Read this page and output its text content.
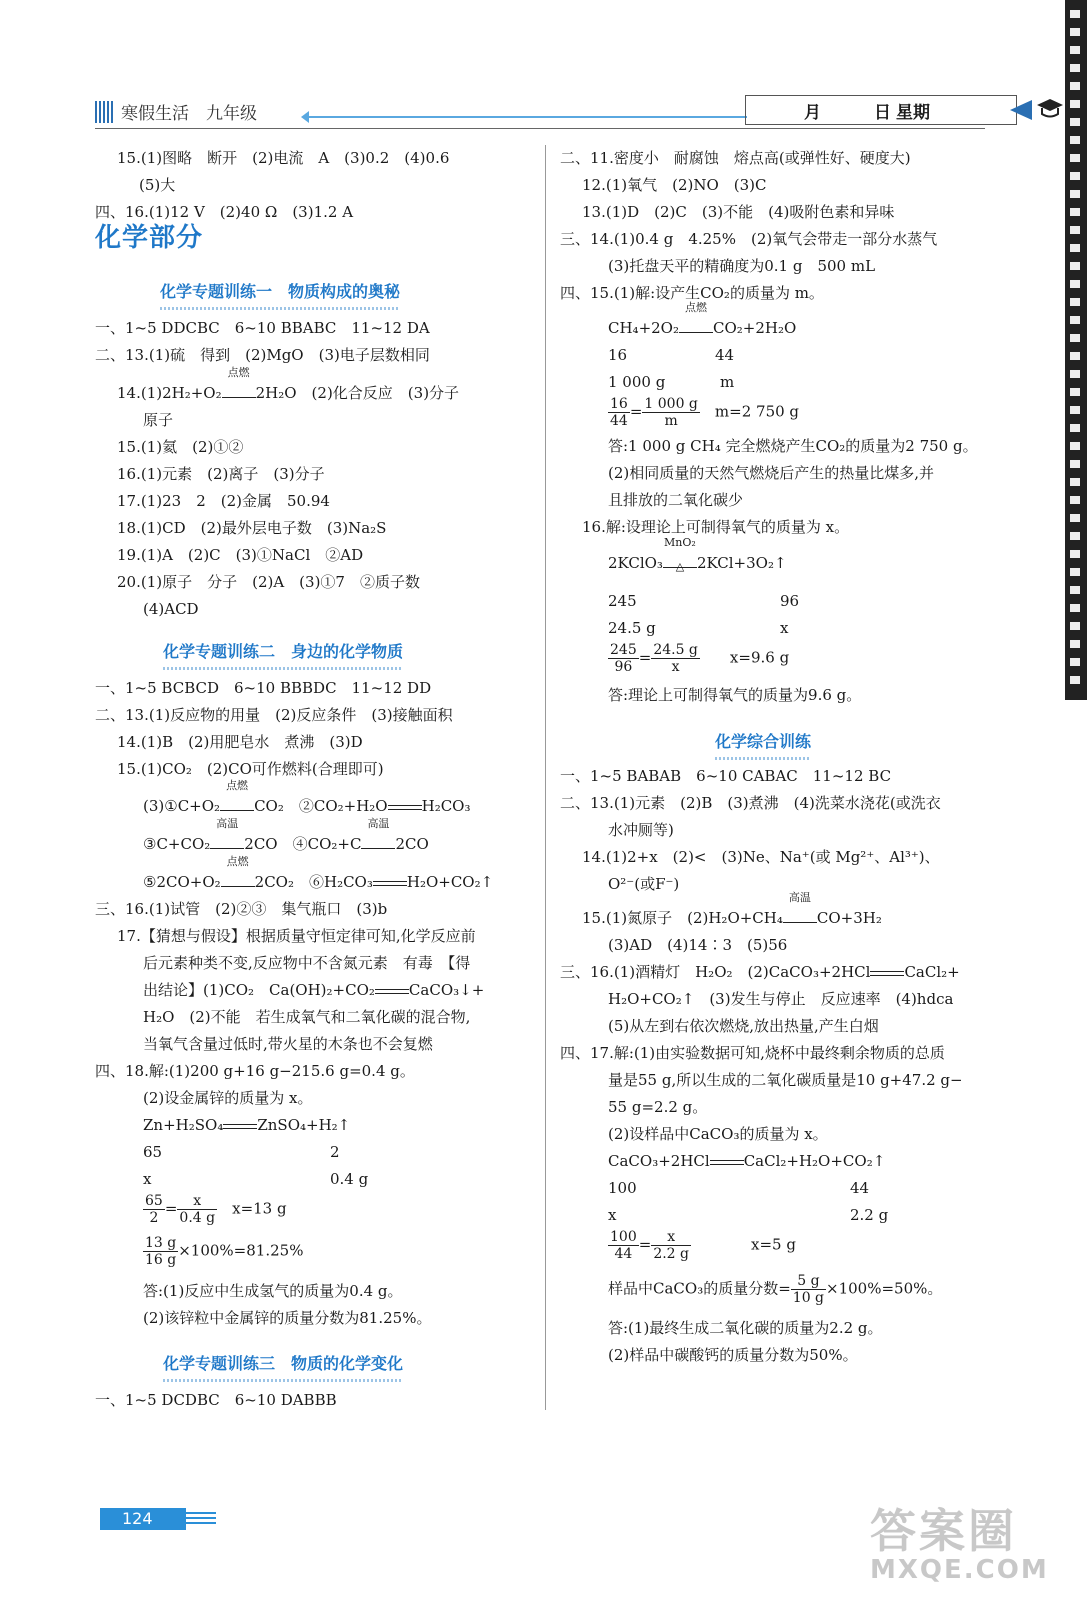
寒假生活　九年级	月	日 星期
15.(1)图略　断开　(2)电流　A　(3)0.2　(4)0.6
(5)大
四、16.(1)12 V　(2)40 Ω　(3)1.2 A
化学部分
化学专题训练一　物质构成的奥秘
一、1~5 DDCBC　6~10 BBABC　11~12 DA
二、13.(1)硫　得到　(2)MgO　(3)电子层数相同
14.(1)2H₂+O₂
点燃
2H₂O　(2)化合反应　(3)分子
原子
15.(1)氦　(2)①②
16.(1)元素　(2)离子　(3)分子
17.(1)23　2　(2)金属　50.94
18.(1)CD　(2)最外层电子数　(3)Na₂S
19.(1)A　(2)C　(3)①NaCl　②AD
20.(1)原子　分子　(2)A　(3)①7　②质子数
(4)ACD
化学专题训练二　身边的化学物质
一、1~5 BCBCD　6~10 BBBDC　11~12 DD
二、13.(1)反应物的用量　(2)反应条件　(3)接触面积
14.(1)B　(2)用肥皂水　煮沸　(3)D
15.(1)CO₂　(2)CO可作燃料(合理即可)
(3)①C+O₂
点燃
CO₂　②CO₂+H₂O H₂CO₃
③C+CO₂
高温
2CO　④CO₂+C
高温
2CO
⑤2CO+O₂
点燃
2CO₂　⑥H₂CO₃ H₂O+CO₂↑
三、16.(1)试管　(2)②③　集气瓶口　(3)b
17.【猜想与假设】根据质量守恒定律可知,化学反应前
后元素种类不变,反应物中不含氮元素　有毒　【得
出结论】(1)CO₂　Ca(OH)₂+CO₂ CaCO₃↓+
H₂O　(2)不能　若生成氧气和二氧化碳的混合物,
当氧气含量过低时,带火星的木条也不会复燃
四、18.解:(1)200 g+16 g−215.6 g=0.4 g。
(2)设金属锌的质量为 x。
Zn+H₂SO₄ ZnSO₄+H₂↑
65	2
x	0.4 g
$\frac{65}{2} = \frac{x}{0.4 g}$
　 x=13 g
$\frac{13 g}{16 g} \times 100\%=81.25\%$
答:(1)反应中生成氢气的质量为0.4 g。
(2)该锌粒中金属锌的质量分数为81.25%。
化学专题训练三　物质的化学变化
一、1~5 DCDBC　6~10 DABBB
二、11.密度小　耐腐蚀　熔点高(或弹性好、硬度大)
12.(1)氧气　(2)NO　(3)C
13.(1)D　(2)C　(3)不能　(4)吸附色素和异味
三、14.(1)0.4 g　4.25%　(2)氧气会带走一部分水蒸气
(3)托盘天平的精确度为0.1 g　500 mL
四、15.(1)解:设产生CO₂的质量为 m。
CH₄+2O₂
点燃
CO₂+2H₂O
16	44
1 000 g	m
$\frac{16}{44} = \frac{1 000 g}{m}$
　 m=2 750 g
答:1 000 g CH₄ 完全燃烧产生CO₂的质量为2 750 g。
(2)相同质量的天然气燃烧后产生的热量比煤多,并
且排放的二氧化碳少
16.解:设理论上可制得氧气的质量为 x。
2KClO₃
MnO₂
△ 2KCl+3O₂↑
245	96
24.5 g	x
$\frac{245}{96} = \frac{24.5 g}{x}$
　　 x=9.6 g
答:理论上可制得氧气的质量为9.6 g。
化学综合训练
一、1~5 BABAB　6~10 CABAC　11~12 BC
二、13.(1)元素　(2)B　(3)煮沸　(4)洗菜水浇花(或洗衣
水冲厕等)
14.(1)2+x　(2)<　(3)Ne、Na⁺(或 Mg²⁺、Al³⁺)、
O²⁻(或F⁻)
15.(1)氮原子　(2)H₂O+CH₄
高温
CO+3H₂
(3)AD　(4)14∶3　(5)56
三、16.(1)酒精灯　H₂O₂　(2)CaCO₃+2HCl CaCl₂+
H₂O+CO₂↑　(3)发生与停止　反应速率　(4)hdca
(5)从左到右依次燃烧,放出热量,产生白烟
四、17.解:(1)由实验数据可知,烧杯中最终剩余物质的总质
量是55 g,所以生成的二氧化碳质量是10 g+47.2 g−
55 g=2.2 g。
(2)设样品中CaCO₃的质量为 x。
CaCO₃+2HCl CaCl₂+H₂O+CO₂↑
100	44
x	2.2 g
$\frac{100}{44} = \frac{x}{2.2 g}$
　　　　	x=5 g
样品中CaCO₃的质量分数= $\frac{5 g}{10 g} \times 100\%=50\%$。
答:(1)最终生成二氧化碳的质量为2.2 g。
(2)样品中碳酸钙的质量分数为50%。
124	答案圈
MXQE.COM
